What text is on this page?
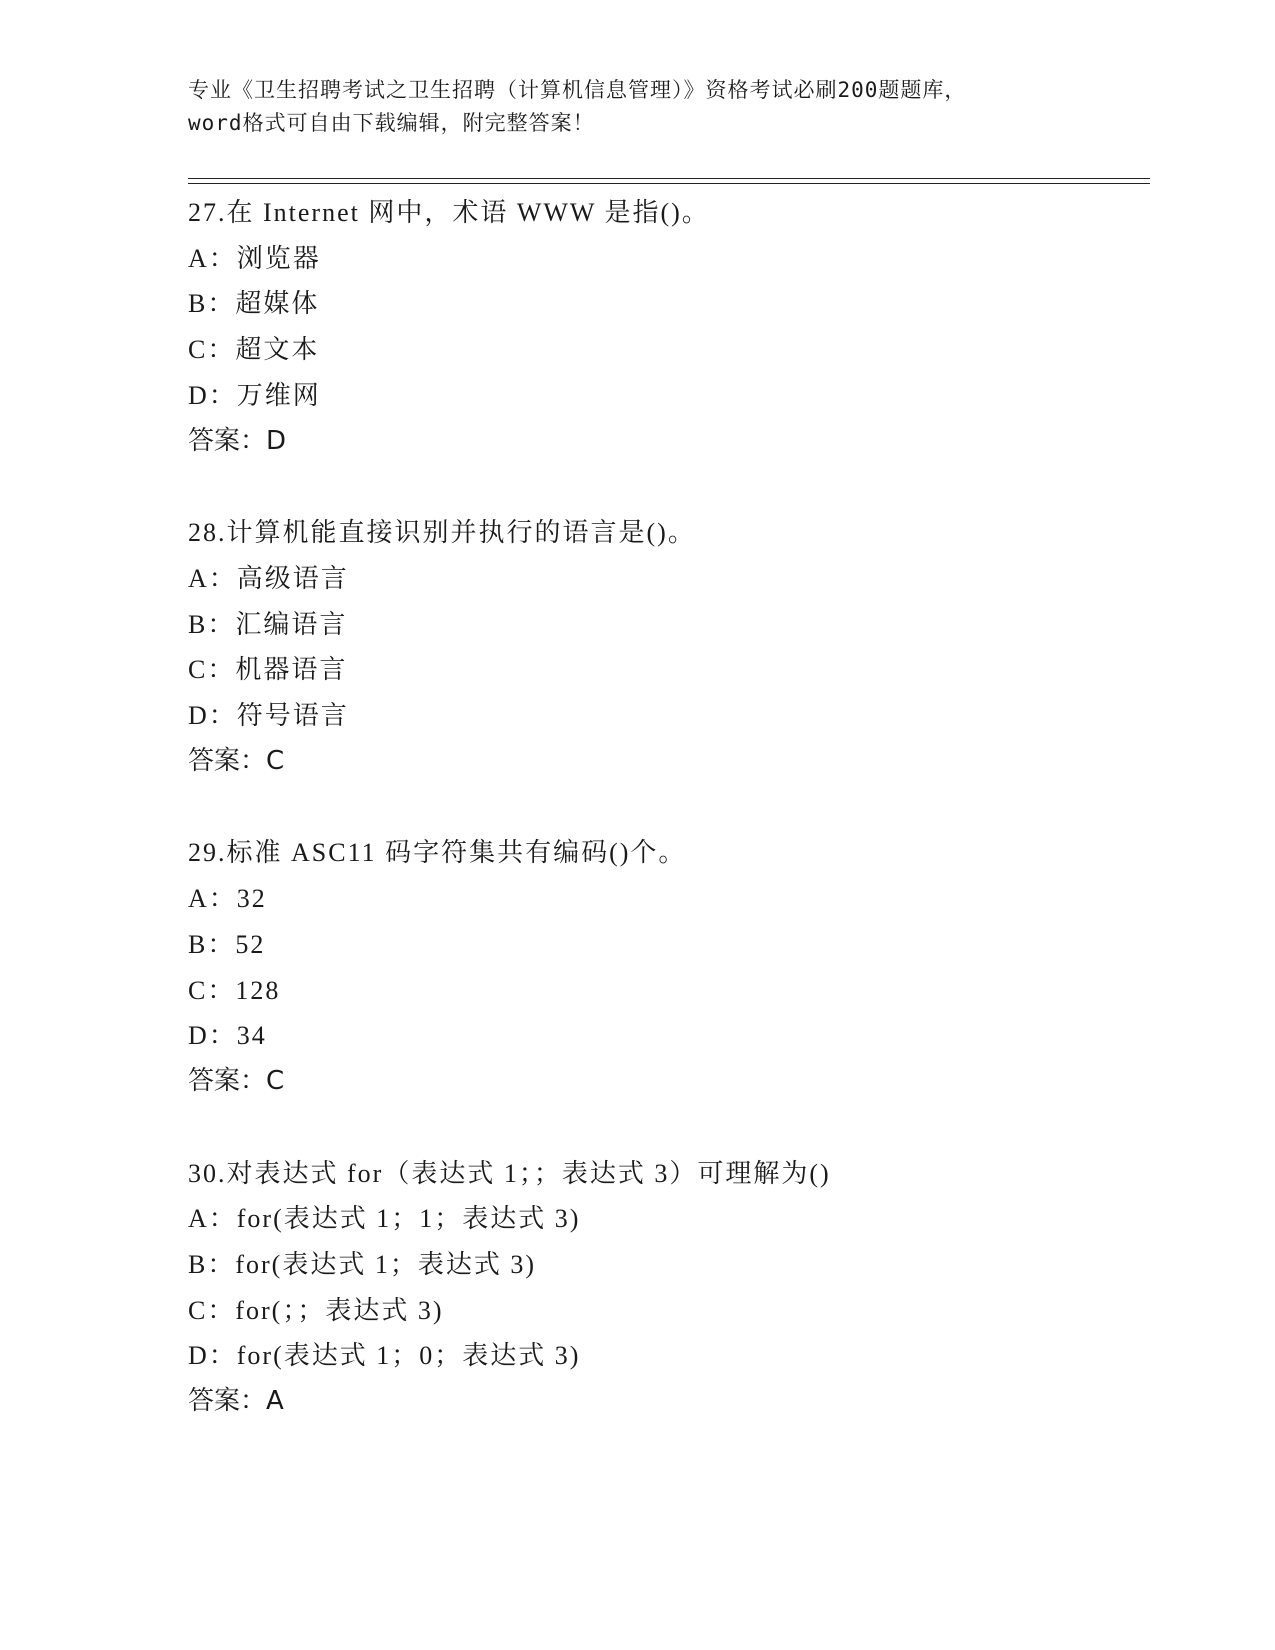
专业《卫生招聘考试之卫生招聘（计算机信息管理）》资格考试必刷200题题库，
word格式可自由下载编辑，附完整答案！
27.在 Internet 网中，术语 WWW 是指()。
A：浏览器
B：超媒体
C：超文本
D：万维网
答案：D
28.计算机能直接识别并执行的语言是()。
A：高级语言
B：汇编语言
C：机器语言
D：符号语言
答案：C
29.标准 ASC11 码字符集共有编码()个。
A：32
B：52
C：128
D：34
答案：C
30.对表达式 for（表达式 1；；表达式 3）可理解为()
A：for(表达式 1；1；表达式 3)
B：for(表达式 1；表达式 3)
C：for(；；表达式 3)
D：for(表达式 1；0；表达式 3)
答案：A
